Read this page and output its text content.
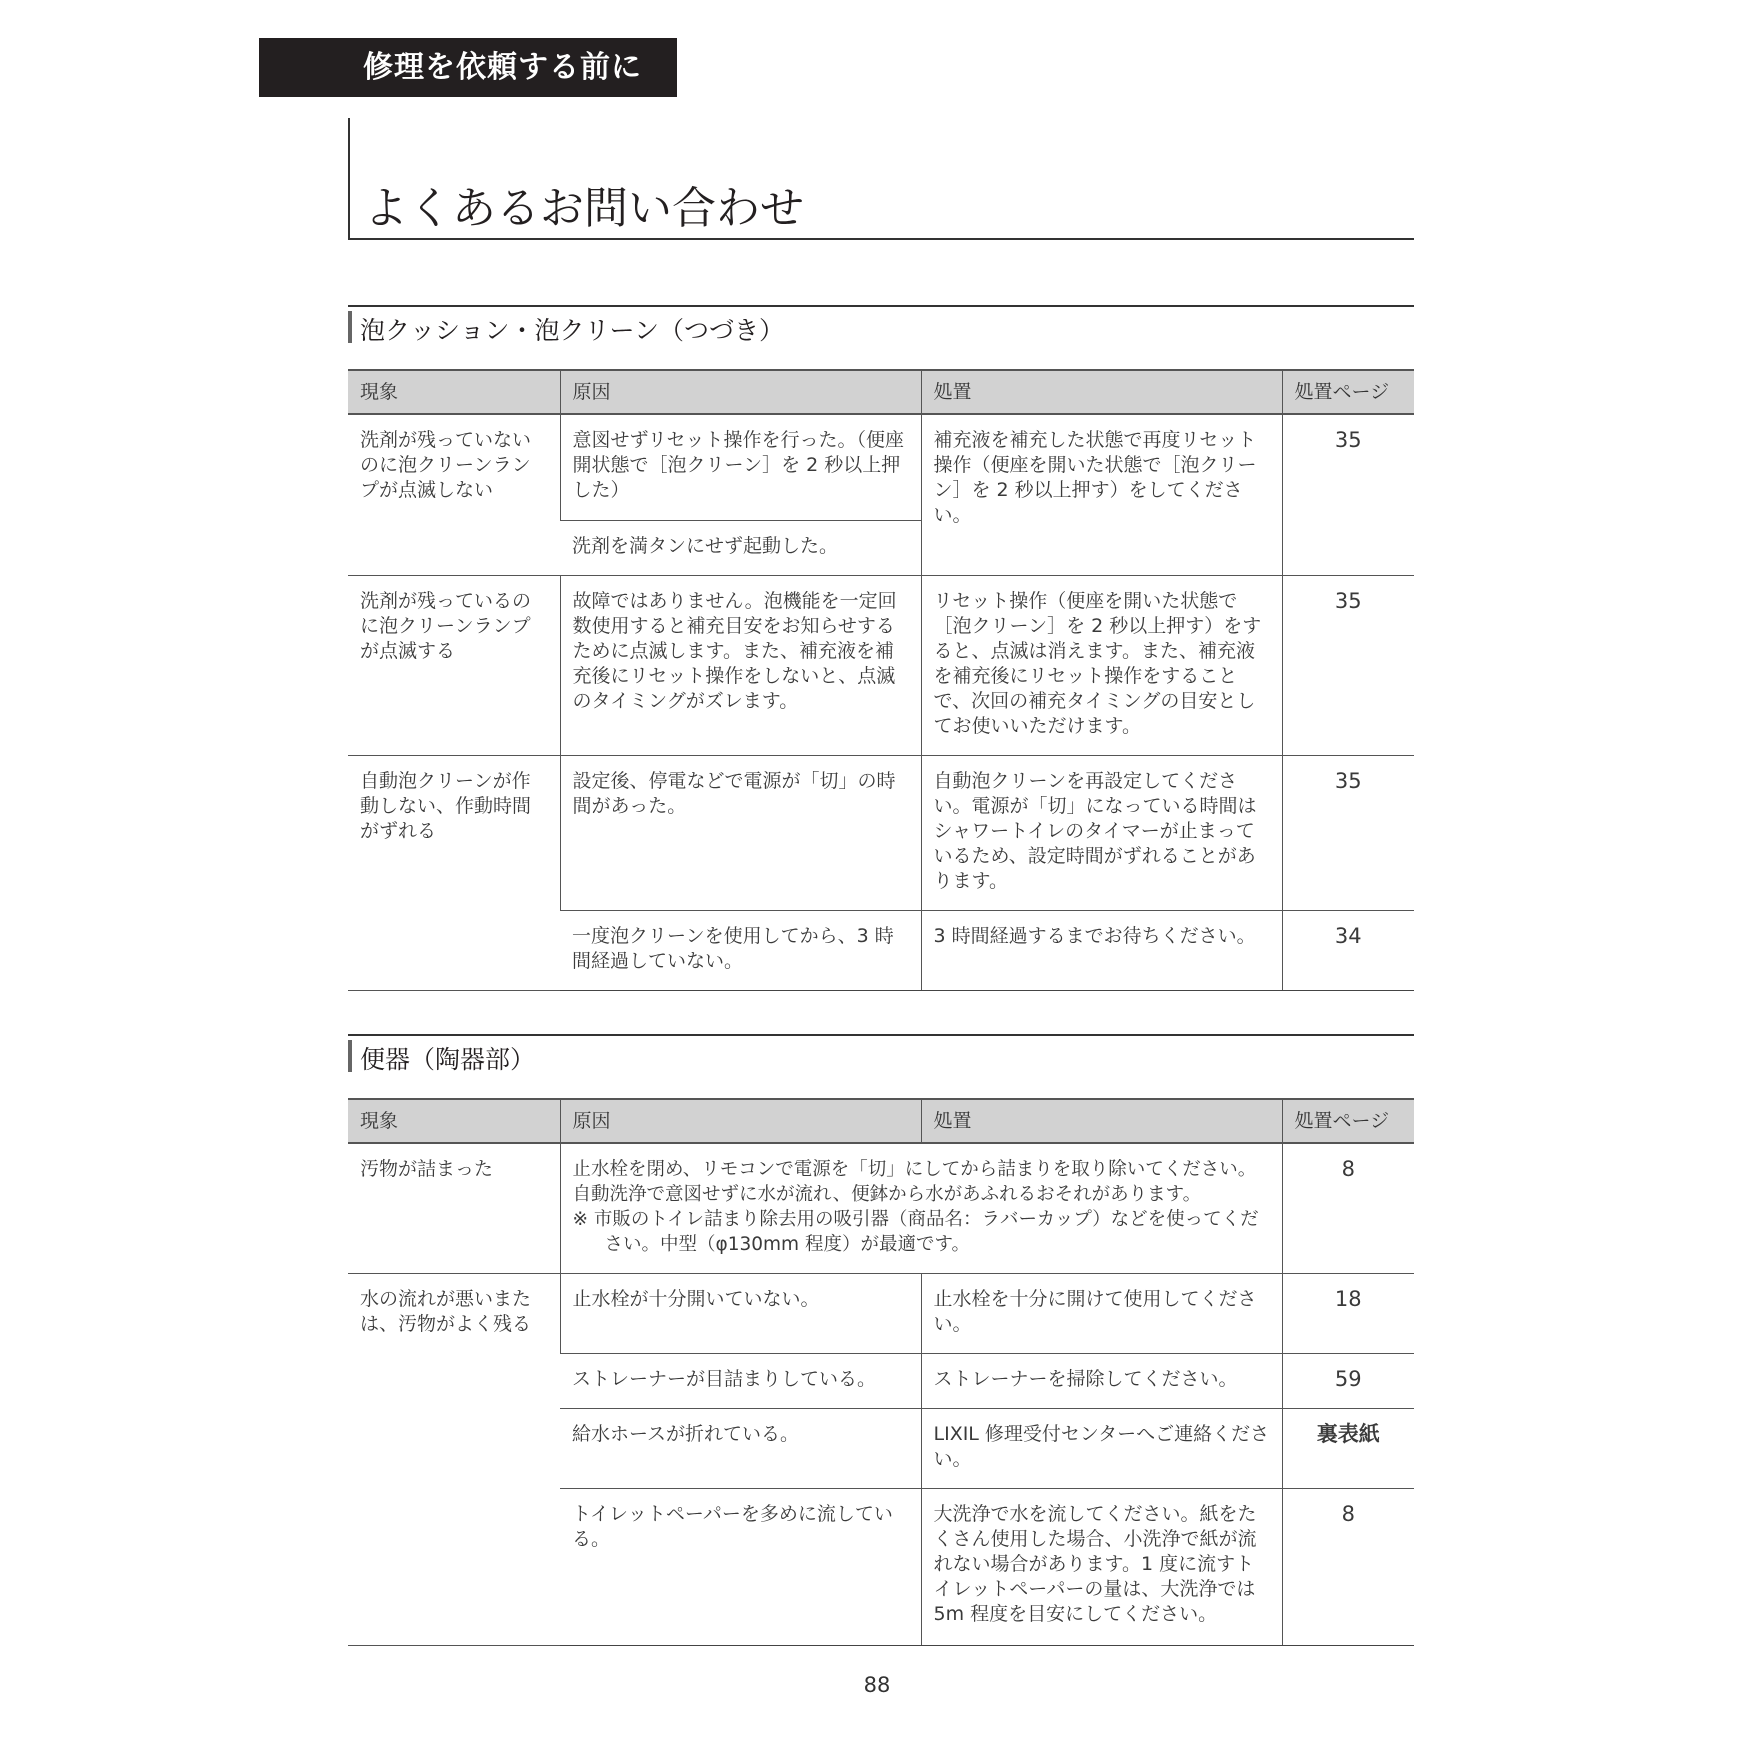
修理を依頼する前に
よくあるお問い合わせ
泡クッション・泡クリーン（つづき）
現象	原因	処置	処置ページ
洗剤が残っていないのに泡クリーンランプが点滅しない	意図せずリセット操作を行った。（便座開状態で［泡クリーン］を 2 秒以上押した）	補充液を補充した状態で再度リセット操作（便座を開いた状態で［泡クリーン］を 2 秒以上押す）をしてください。	35
	洗剤を満タンにせず起動した。		
洗剤が残っているのに泡クリーンランプが点滅する	故障ではありません。泡機能を一定回数使用すると補充目安をお知らせするために点滅します。また、補充液を補充後にリセット操作をしないと、点滅のタイミングがズレます。	リセット操作（便座を開いた状態で［泡クリーン］を 2 秒以上押す）をすると、点滅は消えます。また、補充液を補充後にリセット操作をすることで、次回の補充タイミングの目安としてお使いいただけます。	35
自動泡クリーンが作動しない、作動時間がずれる	設定後、停電などで電源が「切」の時間があった。	自動泡クリーンを再設定してください。電源が「切」になっている時間はシャワートイレのタイマーが止まっているため、設定時間がずれることがあります。	35
	一度泡クリーンを使用してから、3 時間経過していない。	3 時間経過するまでお待ちください。	34
便器（陶器部）
現象	原因	処置	処置ページ
汚物が詰まった	止水栓を閉め、リモコンで電源を「切」にしてから詰まりを取り除いてください。
自動洗浄で意図せずに水が流れ、便鉢から水があふれるおそれがあります。
※ 市販のトイレ詰まり除去用の吸引器（商品名：ラバーカップ）などを使ってください。中型（φ130mm 程度）が最適です。		8
水の流れが悪いまたは、汚物がよく残る	止水栓が十分開いていない。	止水栓を十分に開けて使用してください。	18
	ストレーナーが目詰まりしている。	ストレーナーを掃除してください。	59
	給水ホースが折れている。	LIXIL 修理受付センターへご連絡ください。	裏表紙
	トイレットペーパーを多めに流している。	大洗浄で水を流してください。紙をたくさん使用した場合、小洗浄で紙が流れない場合があります。1 度に流すトイレットペーパーの量は、大洗浄では 5m 程度を目安にしてください。	8
88
